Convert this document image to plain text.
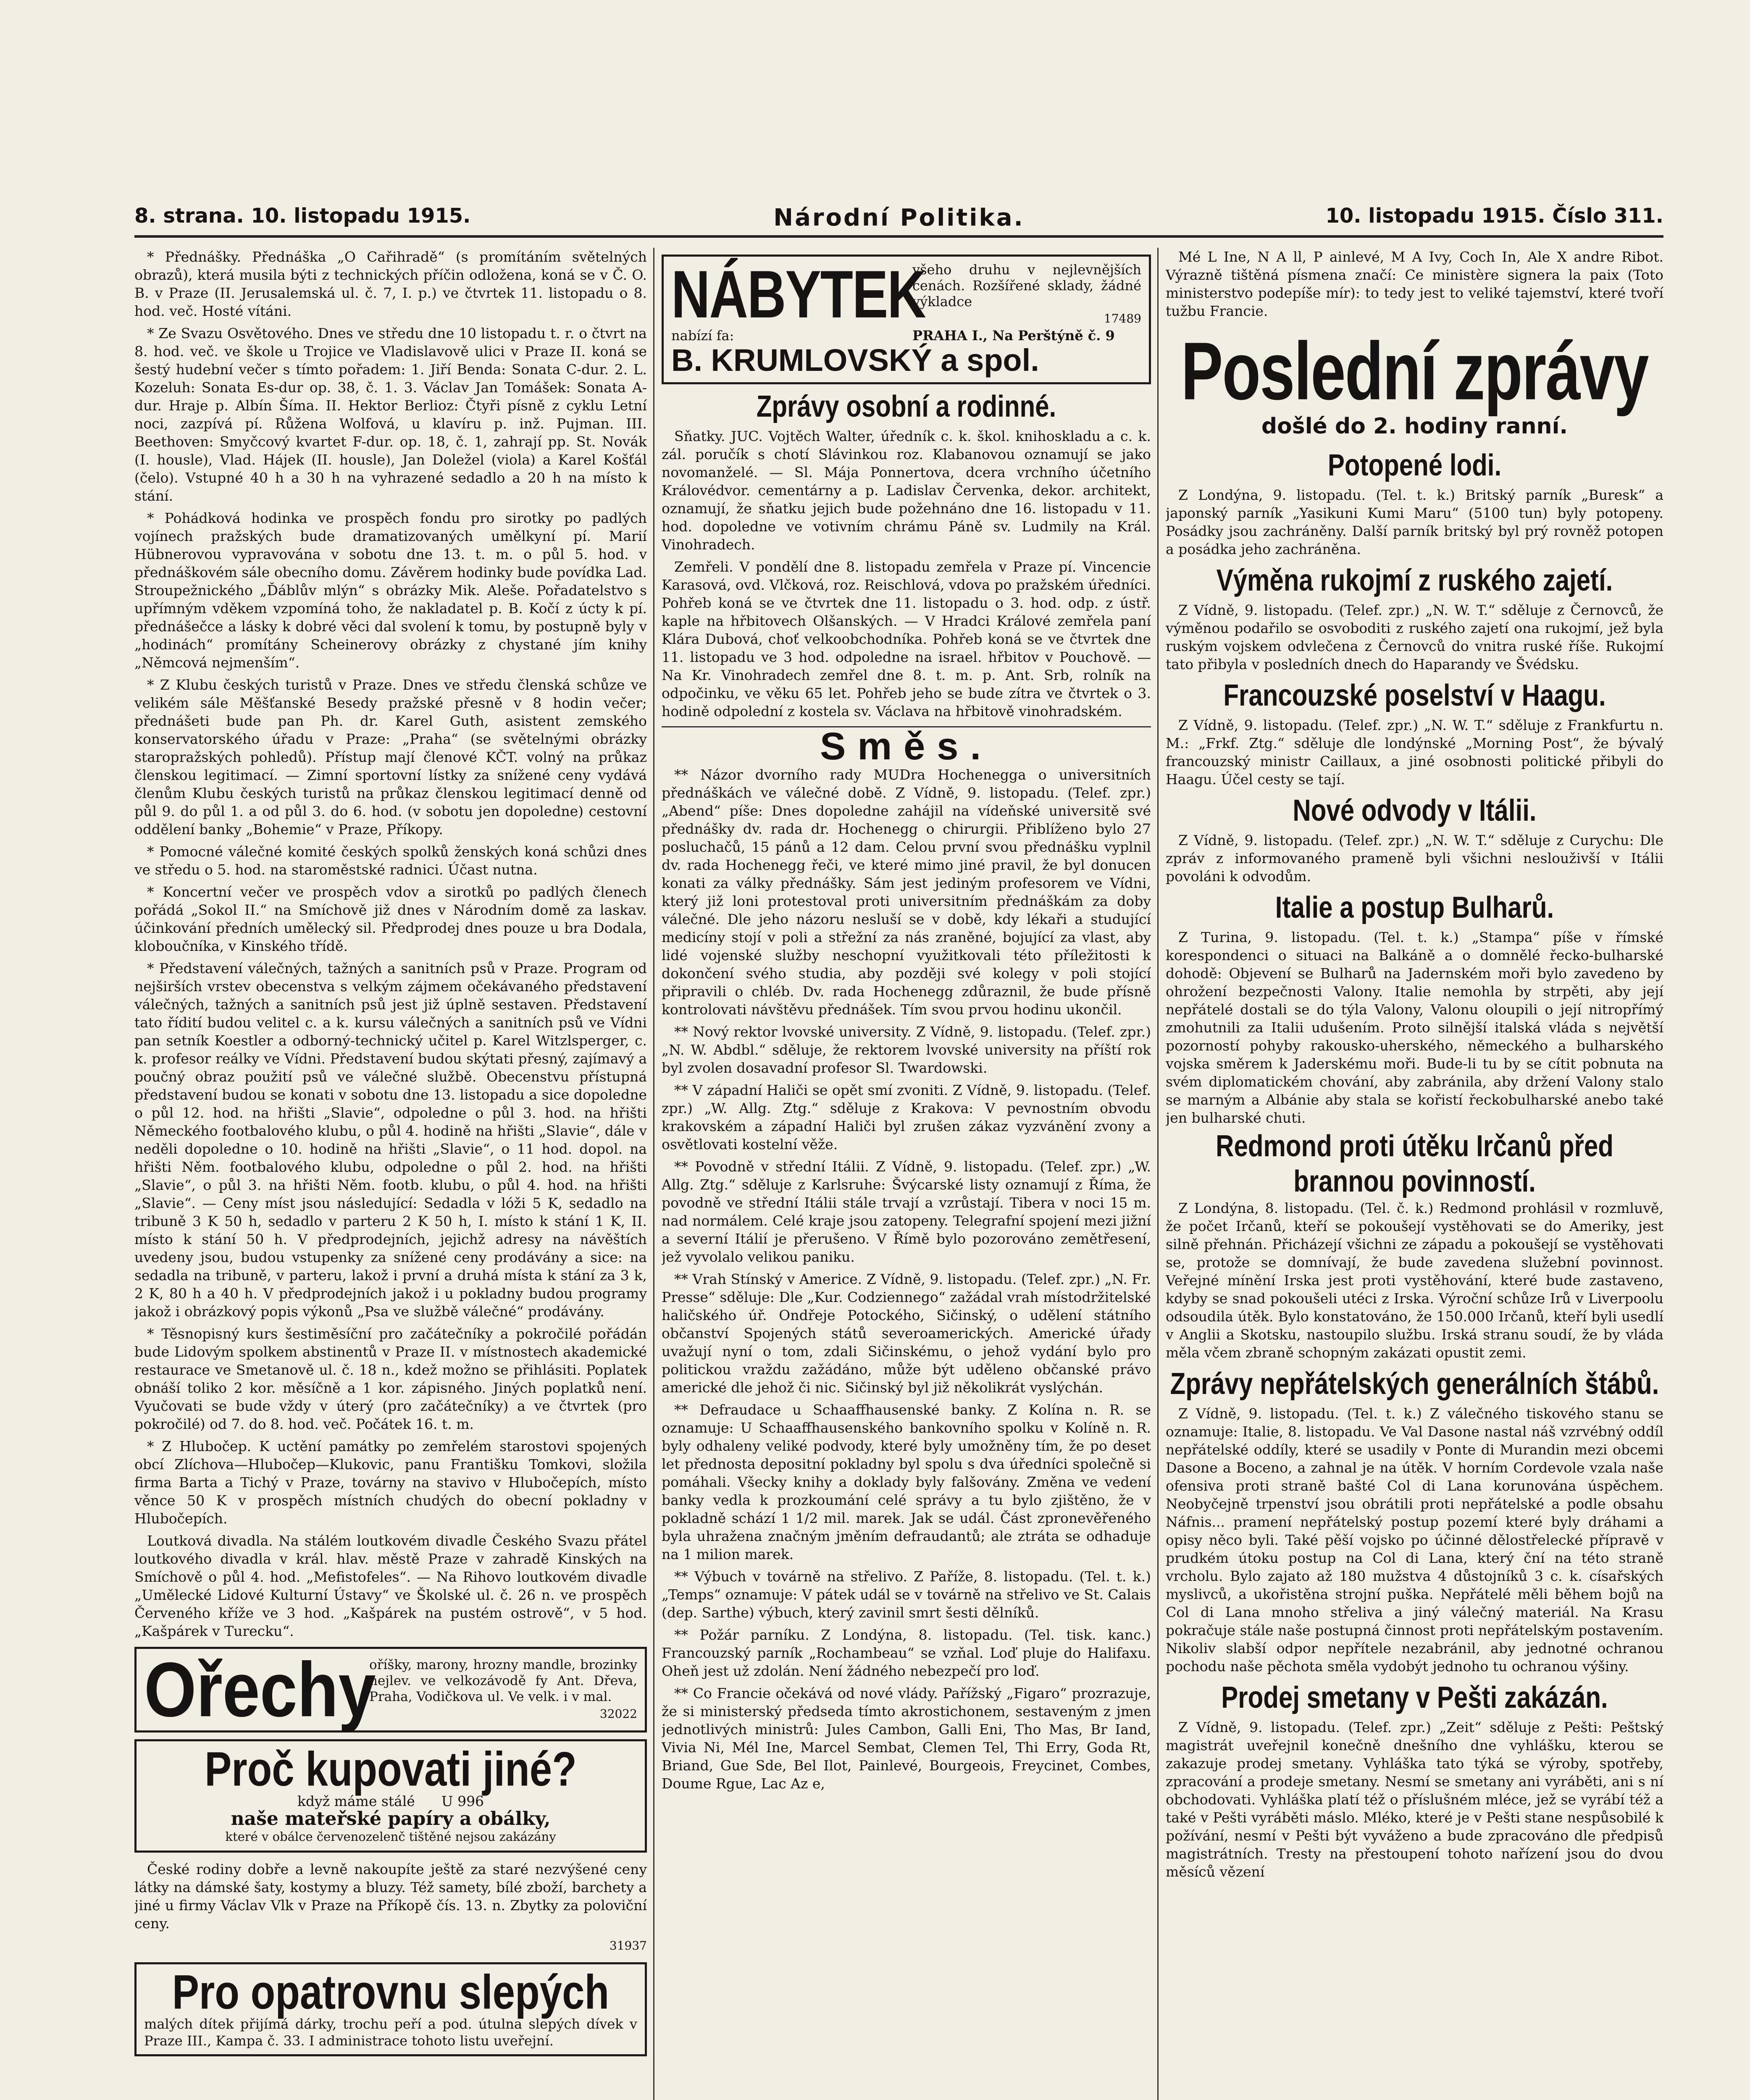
8. strana. 10. listopadu 1915.	Národní Politika.	10. listopadu 1915. Číslo 311.

* Přednášky. Přednáška „O Cařihradě“ (s promítáním světelných obrazů), která musila býti z technických příčin odložena, koná se v Č. O. B. v Praze (II. Jerusalemská ul. č. 7, I. p.) ve čtvrtek 11. listopadu o 8. hod. več. Hosté vítáni.

* Ze Svazu Osvětového. Dnes ve středu dne 10 listopadu t. r. o čtvrt na 8. hod. več. ve škole u Trojice ve Vladislavově ulici v Praze II. koná se šestý hudební večer s tímto pořadem: 1. Jiří Benda: Sonata C-dur. 2. L. Kozeluh: Sonata Es-dur op. 38, č. 1. 3. Václav Jan Tomášek: Sonata A-dur. Hraje p. Albín Šíma. II. Hektor Berlioz: Čtyři písně z cyklu Letní noci, zazpívá pí. Růžena Wolfová, u klavíru p. inž. Pujman. III. Beethoven: Smyčcový kvartet F-dur. op. 18, č. 1, zahrají pp. St. Novák (I. housle), Vlad. Hájek (II. housle), Jan Doležel (viola) a Karel Košťál (čelo). Vstupné 40 h a 30 h na vyhrazené sedadlo a 20 h na místo k stání.

* Pohádková hodinka ve prospěch fondu pro sirotky po padlých vojínech pražských bude dramatizovaných umělkyní pí. Marií Hübnerovou vypravována v sobotu dne 13. t. m. o půl 5. hod. v přednáškovém sále obecního domu. Závěrem hodinky bude povídka Lad. Stroupežnického „Ďáblův mlýn“ s obrázky Mik. Aleše. Pořadatelstvo s upřímným vděkem vzpomíná toho, že nakladatel p. B. Kočí z úcty k pí. přednášečce a lásky k dobré věci dal svolení k tomu, by postupně byly v „hodinách“ promítány Scheinerovy obrázky z chystané jím knihy „Němcová nejmenším“.

* Z Klubu českých turistů v Praze. Dnes ve středu členská schůze ve velikém sále Měšťanské Besedy pražské přesně v 8 hodin večer; přednášeti bude pan Ph. dr. Karel Guth, asistent zemského konservatorského úřadu v Praze: „Praha“ (se světelnými obrázky staropražských pohledů). Přístup mají členové KČT. volný na průkaz členskou legitimací. — Zimní sportovní lístky za snížené ceny vydává členům Klubu českých turistů na průkaz členskou legitimací denně od půl 9. do půl 1. a od půl 3. do 6. hod. (v sobotu jen dopoledne) cestovní oddělení banky „Bohemie“ v Praze, Příkopy.

* Pomocné válečné komité českých spolků ženských koná schůzi dnes ve středu o 5. hod. na staroměstské radnici. Účast nutna.

* Koncertní večer ve prospěch vdov a sirotků po padlých členech pořádá „Sokol II.“ na Smíchově již dnes v Národním domě za laskav. účinkování předních umělecký sil. Předprodej dnes pouze u bra Dodala, kloboučníka, v Kinského třídě.

* Představení válečných, tažných a sanitních psů v Praze. Program od nejširších vrstev obecenstva s velkým zájmem očekávaného představení válečných, tažných a sanitních psů jest již úplně sestaven. Představení tato řídití budou velitel c. a k. kursu válečných a sanitních psů ve Vídni pan setník Koestler a odborný-technický učitel p. Karel Witzlsperger, c. k. profesor reálky ve Vídni. Představení budou skýtati přesný, zajímavý a poučný obraz použití psů ve válečné službě. Obecenstvu přístupná představení budou se konati v sobotu dne 13. listopadu a sice dopoledne o půl 12. hod. na hřišti „Slavie“, odpoledne o půl 3. hod. na hřišti Německého footbalového klubu, o půl 4. hodině na hřišti „Slavie“, dále v neděli dopoledne o 10. hodině na hřišti „Slavie“, o 11 hod. dopol. na hřišti Něm. footbalového klubu, odpoledne o půl 2. hod. na hřišti „Slavie“, o půl 3. na hřišti Něm. footb. klubu, o půl 4. hod. na hřišti „Slavie“. — Ceny míst jsou následující: Sedadla v lóži 5 K, sedadlo na tribuně 3 K 50 h, sedadlo v parteru 2 K 50 h, I. místo k stání 1 K, II. místo k stání 50 h. V předprodejních, jejichž adresy na návěštích uvedeny jsou, budou vstupenky za snížené ceny prodávány a sice: na sedadla na tribuně, v parteru, lakož i první a druhá místa k stání za 3 k, 2 K, 80 h a 40 h. V předprodejních jakož i u pokladny budou programy jakož i obrázkový popis výkonů „Psa ve službě válečné“ prodávány.

* Těsnopisný kurs šestiměsíční pro začátečníky a pokročilé pořádán bude Lidovým spolkem abstinentů v Praze II. v místnostech akademické restaurace ve Smetanově ul. č. 18 n., kdež možno se přihlásiti. Poplatek obnáší toliko 2 kor. měsíčně a 1 kor. zápisného. Jiných poplatků není. Vyučovati se bude vždy v úterý (pro začátečníky) a ve čtvrtek (pro pokročilé) od 7. do 8. hod. več. Počátek 16. t. m.

* Z Hlubočep. K uctění památky po zemřelém starostovi spojených obcí Zlíchova—Hlubočep—Klukovic, panu Františku Tomkovi, složila firma Barta a Tichý v Praze, továrny na stavivo v Hlubočepích, místo věnce 50 K v prospěch místních chudých do obecní pokladny v Hlubočepích.

Loutková divadla. Na stálém loutkovém divadle Českého Svazu přátel loutkového divadla v král. hlav. městě Praze v zahradě Kinských na Smíchově o půl 4. hod. „Mefistofeles“. — Na Rihovo loutkovém divadle „Umělecké Lidové Kulturní Ústavy“ ve Školské ul. č. 26 n. ve prospěch Červeného kříže ve 3 hod. „Kašpárek na pustém ostrově“, v 5 hod. „Kašpárek v Turecku“.

Ořechy
oříšky, marony, hrozny mandle, brozinky nejlev. ve velkozávodě fy Ant. Dřeva, Praha, Vodičkova ul. Ve velk. i v mal.
32022
Proč kupovati jiné?
když máme stálé U 996
naše mateřské papíry a obálky,
které v obálce červenozelenč tištěné nejsou zakázány

České rodiny dobře a levně nakoupíte ještě za staré nezvýšené ceny látky na dámské šaty, kostymy a bluzy. Též samety, bílé zboží, barchety a jiné u firmy Václav Vlk v Praze na Příkopě čís. 13. n. Zbytky za poloviční ceny.

31937
Pro opatrovnu slepých
malých dítek přijímá dárky, trochu peří a pod. útulna slepých dívek v Praze III., Kampa č. 33. I administrace tohoto listu uveřejní.
NÁBYTEK
všeho druhu v nejlevnějších cenách. Rozšířené sklady, žádné výkladce
17489
nabízí fa:	PRAHA I., Na Perštýně č. 9
B. KRUMLOVSKÝ a spol.
Zprávy osobní a rodinné.

Sňatky. JUC. Vojtěch Walter, úředník c. k. škol. knihoskladu a c. k. zál. poručík s chotí Slávinkou roz. Klabanovou oznamují se jako novomanželé. — Sl. Mája Ponnertova, dcera vrchního účetního Královédvor. cementárny a p. Ladislav Červenka, dekor. architekt, oznamují, že sňatku jejich bude požehnáno dne 16. listopadu v 11. hod. dopoledne ve votivním chrámu Páně sv. Ludmily na Král. Vinohradech.

Zemřeli. V pondělí dne 8. listopadu zemřela v Praze pí. Vincencie Karasová, ovd. Vlčková, roz. Reischlová, vdova po pražském úředníci. Pohřeb koná se ve čtvrtek dne 11. listopadu o 3. hod. odp. z ústř. kaple na hřbitovech Olšanských. — V Hradci Králové zemřela paní Klára Dubová, choť velkoobchodníka. Pohřeb koná se ve čtvrtek dne 11. listopadu ve 3 hod. odpoledne na israel. hřbitov v Pouchově. — Na Kr. Vinohradech zemřel dne 8. t. m. p. Ant. Srb, rolník na odpočinku, ve věku 65 let. Pohřeb jeho se bude zítra ve čtvrtek o 3. hodině odpolední z kostela sv. Václava na hřbitově vinohradském.

Směs.

** Názor dvorního rady MUDra Hocheneggа o universitních přednáškách ve válečné době. Z Vídně, 9. listopadu. (Telef. zpr.) „Abend“ píše: Dnes dopoledne zahájil na vídeňské universitě své přednášky dv. rada dr. Hochenegg o chirurgii. Přiblíženo bylo 27 posluchačů, 15 pánů a 12 dam. Celou první svou přednášku vyplnil dv. rada Hochenegg řeči, ve které mimo jiné pravil, že byl donucen konati za války přednášky. Sám jest jediným profesorem ve Vídni, který již loni protestoval proti universitním přednáškám za doby válečné. Dle jeho názoru nesluší se v době, kdy lékaři a studující medicíny stojí v poli a střežní za nás zraněné, bojující za vlast, aby lidé vojenské služby neschopní využitkovali této příležitosti k dokončení svého studia, aby později své kolegy v poli stojící připravili o chléb. Dv. rada Hochenegg zdůraznil, že bude přísně kontrolovati návštěvu přednášek. Tím svou prvou hodinu ukončil.

** Nový rektor lvovské university. Z Vídně, 9. listopadu. (Telef. zpr.) „N. W. Abdbl.“ sděluje, že rektorem lvovské university na příští rok byl zvolen dosavadní profesor Sl. Twardowski.

** V západní Haliči se opět smí zvoniti. Z Vídně, 9. listopadu. (Telef. zpr.) „W. Allg. Ztg.“ sděluje z Krakova: V pevnostním obvodu krakovském a západní Haliči byl zrušen zákaz vyzvánění zvony a osvětlovati kostelní věže.

** Povodně v střední Itálii. Z Vídně, 9. listopadu. (Telef. zpr.) „W. Allg. Ztg.“ sděluje z Karlsruhe: Švýcarské listy oznamují z Říma, že povodně ve střední Itálii stále trvají a vzrůstají. Tibera v noci 15 m. nad normálem. Celé kraje jsou zatopeny. Telegrafní spojení mezi jižní a severní Itálií je přerušeno. V Římě bylo pozorováno zemětřesení, jež vyvolalo velikou paniku.

** Vrah Stínský v Americe. Z Vídně, 9. listopadu. (Telef. zpr.) „N. Fr. Presse“ sděluje: Dle „Kur. Codziennego“ zažádal vrah místodržitelské haličského úř. Ondřeje Potockého, Sičinský, o udělení státního občanství Spojených států severoamerických. Americké úřady uvažují nyní o tom, zdali Sičinskému, o jehož vydání bylo pro politickou vraždu zažádáno, může být uděleno občanské právo americké dle jehož či nic. Sičinský byl již několikrát vyslýchán.

** Defraudace u Schaaffhausenské banky. Z Kolína n. R. se oznamuje: U Schaaffhausenského bankovního spolku v Kolíně n. R. byly odhaleny veliké podvody, které byly umožněny tím, že po deset let přednosta depositní pokladny byl spolu s dva úředníci společně si pomáhali. Všecky knihy a doklady byly falšovány. Změna ve vedení banky vedla k prozkoumání celé správy a tu bylo zjištěno, že v pokladně schází 1 1/2 mil. marek. Jak se udál. Část zpronevěřeného byla uhražena značným jměním defraudantů; ale ztráta se odhaduje na 1 milion marek.

** Výbuch v továrně na střelivo. Z Paříže, 8. listopadu. (Tel. t. k.) „Temps“ oznamuje: V pátek udál se v továrně na střelivo ve St. Calais (dep. Sarthe) výbuch, který zavinil smrt šesti dělníků.

** Požár parníku. Z Londýna, 8. listopadu. (Tel. tisk. kanc.) Francouzský parník „Rochambeau“ se vzňal. Loď pluje do Halifaxu. Oheň jest už zdolán. Není žádného nebezpečí pro loď.

** Co Francie očekává od nové vlády. Pařížský „Figaro“ prozrazuje, že si ministerský předseda tímto akrostichonem, sestaveným z jmen jednotlivých ministrů: Jules Cambon, Galli Eni, Tho Mas, Br Iand, Vivia Ni, Mél Ine, Marcel Sembat, Clemen Tel, Thi Erry, Goda Rt, Briand, Gue Sde, Bel Ilot, Painlevé, Bourgeois, Freycinet, Combes, Doume Rgue, Lac Az e,

Mé L Ine, N A ll, P ainlevé, M A Ivy, Coch In, Ale X andre Ribot. Výrazně tištěná písmena značí: Ce ministère signera la paix (Toto ministerstvo podepíše mír): to tedy jest to veliké tajemství, které tvoří tužbu Francie.

Poslední zprávy
došlé do 2. hodiny ranní.
Potopené lodi.

Z Londýna, 9. listopadu. (Tel. t. k.) Britský parník „Buresk“ a japonský parník „Yasikuni Kumi Maru“ (5100 tun) byly potopeny. Posádky jsou zachráněny. Další parník britský byl prý rovněž potopen a posádka jeho zachráněna.

Výměna rukojmí z ruského zajetí.

Z Vídně, 9. listopadu. (Telef. zpr.) „N. W. T.“ sděluje z Černovců, že výměnou podařilo se osvoboditi z ruského zajetí ona rukojmí, jež byla ruským vojskem odvlečena z Černovců do vnitra ruské říše. Rukojmí tato přibyla v posledních dnech do Haparandy ve Švédsku.

Francouzské poselství v Haagu.

Z Vídně, 9. listopadu. (Telef. zpr.) „N. W. T.“ sděluje z Frankfurtu n. M.: „Frkf. Ztg.“ sděluje dle londýnské „Morning Post“, že bývalý francouzský ministr Caillaux, a jiné osobnosti politické přibyli do Haagu. Účel cesty se tají.

Nové odvody v Itálii.

Z Vídně, 9. listopadu. (Telef. zpr.) „N. W. T.“ sděluje z Curychu: Dle zpráv z informovaného prameně byli všichni neslouživší v Itálii povoláni k odvodům.

Italie a postup Bulharů.

Z Turina, 9. listopadu. (Tel. t. k.) „Stampa“ píše v římské korespondenci o situaci na Balkáně a o domnělé řecko-bulharské dohodě: Objevení se Bulharů na Jadernském moři bylo zavedeno by ohrožení bezpečnosti Valony. Italie nemohla by strpěti, aby její nepřátelé dostali se do týla Valony, Valonu oloupili o její nitropřímý zmohutnili za Italii udušením. Proto silnější italská vláda s největší pozorností pohyby rakousko-uherského, německého a bulharského vojska směrem k Jaderskému moři. Bude-li tu by se cítit pobnuta na svém diplomatickém chování, aby zabránila, aby držení Valony stalo se marným a Albánie aby stala se kořistí řeckobulharské anebo také jen bulharské chuti.

Redmond proti útěku Irčanů před brannou povinností.

Z Londýna, 8. listopadu. (Tel. č. k.) Redmond prohlásil v rozmluvě, že počet Irčanů, kteří se pokoušejí vystěhovati se do Ameriky, jest silně přehnán. Přicházejí všichni ze západu a pokoušejí se vystěhovati se, protože se domnívají, že bude zavedena služební povinnost. Veřejné mínění Irska jest proti vystěhování, které bude zastaveno, kdyby se snad pokoušeli utéci z Irska. Výroční schůze Irů v Liverpoolu odsoudila útěk. Bylo konstatováno, že 150.000 Irčanů, kteří byli usedlí v Anglii a Skotsku, nastoupilo službu. Irská stranu soudí, že by vláda měla včem zbraně schopným zakázati opustit zemi.

Zprávy nepřátelských generálních štábů.

Z Vídně, 9. listopadu. (Tel. t. k.) Z válečného tiskového stanu se oznamuje: Italie, 8. listopadu. Ve Val Dasone nastal náš vzrvébný oddíl nepřátelské oddíly, které se usadily v Ponte di Murandin mezi obcemi Dasone a Boceno, a zahnal je na útěk. V horním Cordevole vzala naše ofensiva proti straně bašté Col di Lana korunována úspěchem. Neobyčejně trpenství jsou obrátili proti nepřátelské a podle obsahu Náfnis... pramení nepřátelský postup pozemí které byly dráhami a opisy něco byli. Také pěší vojsko po účinné dělostřelecké přípravě v prudkém útoku postup na Col di Lana, který ční na této straně vrcholu. Bylo zajato až 180 mužstva 4 důstojníků 3 c. k. císařských myslivců, a ukořistěna strojní puška. Nepřátelé měli během bojů na Col di Lana mnoho střeliva a jiný válečný materiál. Na Krasu pokračuje stále naše postupná činnost proti nepřátelským postavením. Nikoliv slabší odpor nepřítele nezabránil, aby jednotné ochranou pochodu naše pěchota směla vydobýt jednoho tu ochranou výšiny.

Prodej smetany v Pešti zakázán.

Z Vídně, 9. listopadu. (Telef. zpr.) „Zeit“ sděluje z Pešti: Peštský magistrát uveřejnil konečně dnešního dne vyhlášku, kterou se zakazuje prodej smetany. Vyhláška tato týká se výroby, spotřeby, zpracování a prodeje smetany. Nesmí se smetany ani vyráběti, ani s ní obchodovati. Vyhláška platí též o příslušném mléce, jež se vyrábí též a také v Pešti vyráběti máslo. Mléko, které je v Pešti stane nespůsobilé k požívání, nesmí v Pešti být vyváženo a bude zpracováno dle předpisů magistrátních. Tresty na přestoupení tohoto nařízení jsou do dvou měsíců vězení
